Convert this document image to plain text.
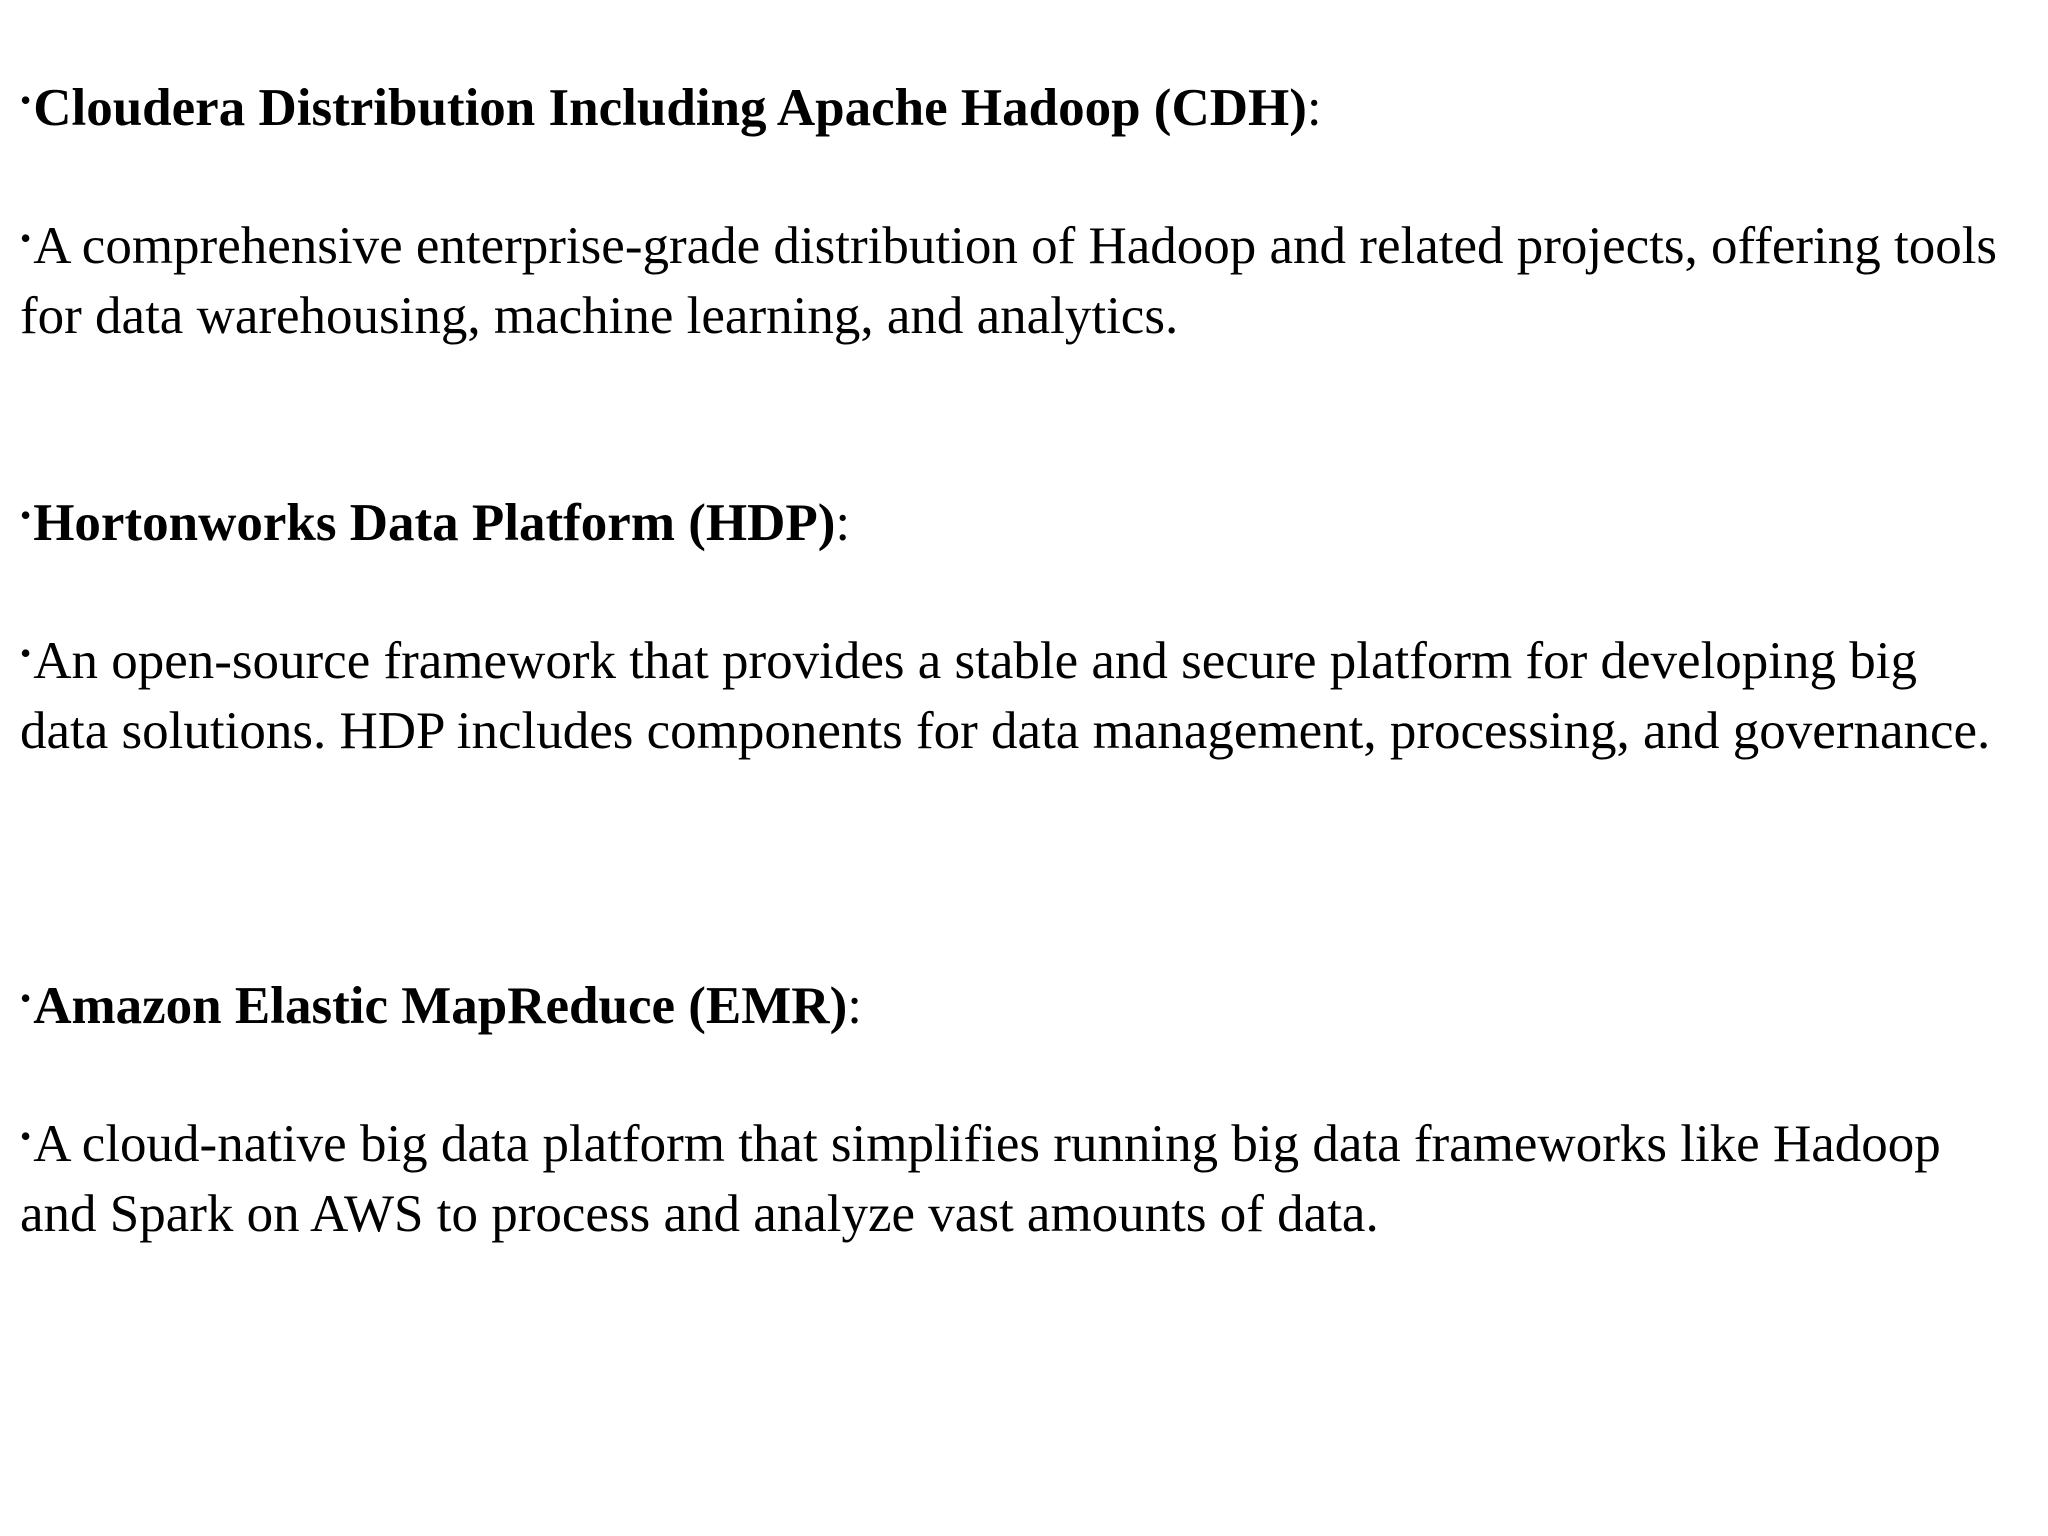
•Cloudera Distribution Including Apache Hadoop (CDH):

•A comprehensive enterprise-grade distribution of Hadoop and related projects, offering tools for data warehousing, machine learning, and analytics.

•Hortonworks Data Platform (HDP):

•An open-source framework that provides a stable and secure platform for developing big data solutions. HDP includes components for data management, processing, and governance.

•Amazon Elastic MapReduce (EMR):

•A cloud-native big data platform that simplifies running big data frameworks like Hadoop and Spark on AWS to process and analyze vast amounts of data.
